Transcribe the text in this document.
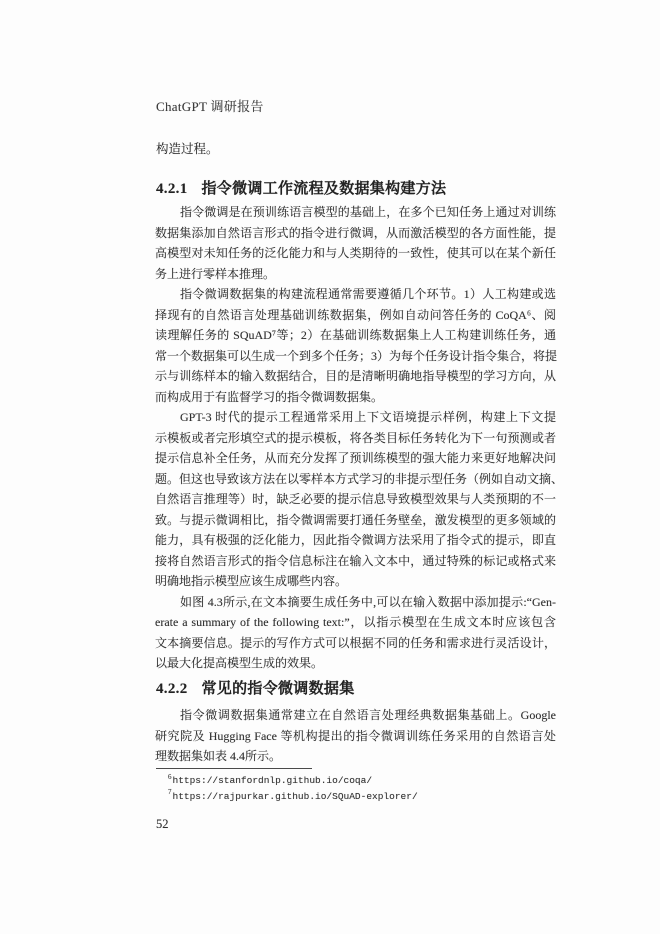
ChatGPT 调研报告
构造过程。
4.2.1 指令微调工作流程及数据集构建方法
指令微调是在预训练语言模型的基础上，在多个已知任务上通过对训练
数据集添加自然语言形式的指令进行微调，从而激活模型的各方面性能，提
高模型对未知任务的泛化能力和与人类期待的一致性，使其可以在某个新任
务上进行零样本推理。
指令微调数据集的构建流程通常需要遵循几个环节。1）人工构建或选
择现有的自然语言处理基础训练数据集，例如自动问答任务的 CoQA⁶、阅
读理解任务的 SQuAD⁷等；2）在基础训练数据集上人工构建训练任务，通
常一个数据集可以生成一个到多个任务；3）为每个任务设计指令集合，将提
示与训练样本的输入数据结合，目的是清晰明确地指导模型的学习方向，从
而构成用于有监督学习的指令微调数据集。
GPT-3 时代的提示工程通常采用上下文语境提示样例，构建上下文提
示模板或者完形填空式的提示模板，将各类目标任务转化为下一句预测或者
提示信息补全任务，从而充分发挥了预训练模型的强大能力来更好地解决问
题。但这也导致该方法在以零样本方式学习的非提示型任务（例如自动文摘、
自然语言推理等）时，缺乏必要的提示信息导致模型效果与人类预期的不一
致。与提示微调相比，指令微调需要打通任务壁垒，激发模型的更多领域的
能力，具有极强的泛化能力，因此指令微调方法采用了指令式的提示，即直
接将自然语言形式的指令信息标注在输入文本中，通过特殊的标记或格式来
明确地指示模型应该生成哪些内容。
如图 4.3所示,在文本摘要生成任务中,可以在输入数据中添加提示:“Gen-
erate a summary of the following text:”，以指示模型在生成文本时应该包含
文本摘要信息。提示的写作方式可以根据不同的任务和需求进行灵活设计，
以最大化提高模型生成的效果。
4.2.2 常见的指令微调数据集
指令微调数据集通常建立在自然语言处理经典数据集基础上。Google
研究院及 Hugging Face 等机构提出的指令微调训练任务采用的自然语言处
理数据集如表 4.4所示。
$^6$https://stanfordnlp.github.io/coqa/
$^7$https://rajpurkar.github.io/SQuAD-explorer/
52
